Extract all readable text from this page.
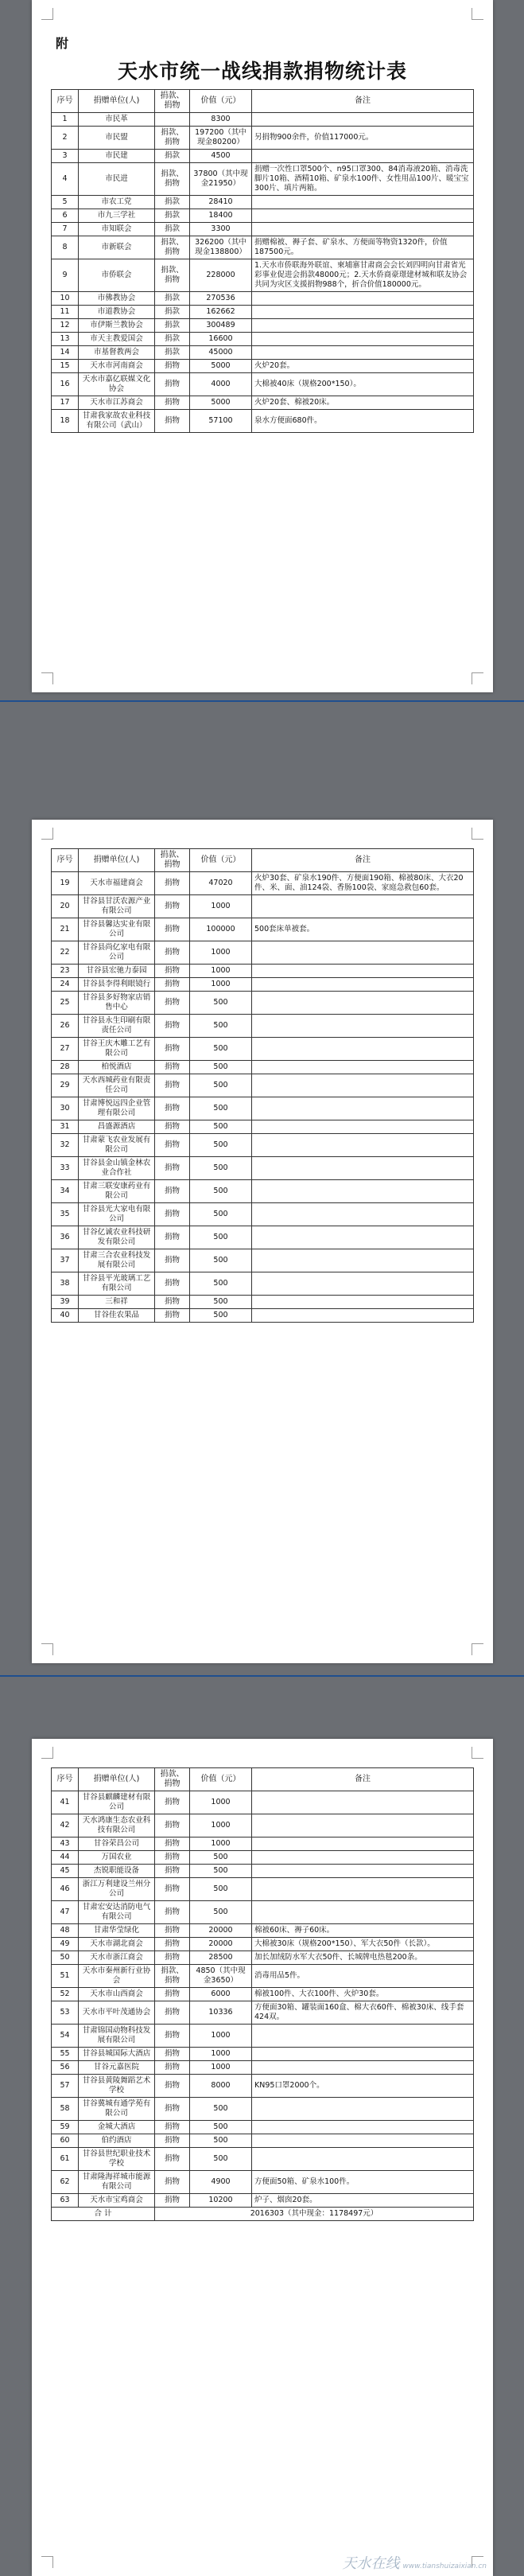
附
天水市统一战线捐款捐物统计表
序号	捐赠单位(人)	捐款、捐物	价值（元）	备注
1	市民革		8300	
2	市民盟	捐款、捐物	197200（其中现金80200）	另捐物900余件，价值117000元。
3	市民建	捐款	4500	
4	市民进	捐款、捐物	37800（其中现金21950）	捐赠一次性口罩500个、n95口罩300、84消毒液20箱、消毒洗脚片10箱、酒精10箱、矿泉水100件、女性用品100片、暖宝宝300片、填片两箱。
5	市农工党	捐款	28410	
6	市九三学社	捐款	18400	
7	市知联会	捐款	3300	
8	市新联会	捐款、捐物	326200（其中现金138800）	捐赠棉被、褥子套、矿泉水、方便面等物资1320件，价值187500元。
9	市侨联会	捐款、捐物	228000	1.天水市侨联海外联谊、柬埔寨甘肃商会会长刘四明向甘肃省光彩事业促进会捐款48000元；2.天水侨商豪璟建材城和联友协会共同为灾区支援捐物988个，折合价值180000元。
10	市佛教协会	捐款	270536	
11	市道教协会	捐款	162662	
12	市伊斯兰教协会	捐款	300489	
13	市天主教爱国会	捐款	16600	
14	市基督教两会	捐款	45000	
15	天水市河南商会	捐物	5000	火炉20套。
16	天水市嘉亿联媒文化协会	捐物	4000	大棉被40床（规格200*150）。
17	天水市江苏商会	捐物	5000	火炉20套、棉被20床。
18	甘肃我家故农业科技有限公司（武山）	捐物	57100	泉水方便面680件。
序号	捐赠单位(人)	捐款、捐物	价值（元）	备注
19	天水市福建商会	捐物	47020	火炉30套、矿泉水190件、方便面190箱、棉被80床、大衣20件、米、面、油124袋、香肠100袋、家庭急救包60套。
20	甘谷县甘沃农源产业有限公司	捐物	1000	
21	甘谷县馨达实业有限公司	捐物	100000	500套床单被套。
22	甘谷县尚亿家电有限公司	捐物	1000	
23	甘谷县宏驰力泰园	捐物	1000	
24	甘谷县李得利眼镜行	捐物	1000	
25	甘谷县多好物家店销售中心	捐物	500	
26	甘谷县永生印刷有限责任公司	捐物	500	
27	甘谷王庆木雕工艺有限公司	捐物	500	
28	柏悦酒店	捐物	500	
29	天水西城药业有限责任公司	捐物	500	
30	甘肃博悦远四企业管理有限公司	捐物	500	
31	昌盛源酒店	捐物	500	
32	甘肃蒙飞农业发展有限公司	捐物	500	
33	甘谷县金山镇金林农业合作社	捐物	500	
34	甘肃三联安康药业有限公司	捐物	500	
35	甘谷县光大家电有限公司	捐物	500	
36	甘谷亿诚农业科技研发有限公司	捐物	500	
37	甘肃三合农业科技发展有限公司	捐物	500	
38	甘谷县平光玻璃工艺有限公司	捐物	500	
39	三和祥	捐物	500	
40	甘谷佳农果品	捐物	500	
序号	捐赠单位(人)	捐款、捐物	价值（元）	备注
41	甘谷县麒麟建材有限公司	捐物	1000	
42	天水鸿康生态农业科技有限公司	捐物	1000	
43	甘谷荣昌公司	捐物	1000	
44	万国农业	捐物	500	
45	杰锐职能设备	捐物	500	
46	浙江万利建设兰州分公司	捐物	500	
47	甘肃宏安达消防电气有限公司	捐物	500	
48	甘肃华莹绿化	捐物	20000	棉被60床、褥子60床。
49	天水市湖北商会	捐物	20000	大棉被30床（规格200*150）、军大衣50件（长款）。
50	天水市浙江商会	捐物	28500	加长加绒防水军大衣50件、长城牌电热毯200条。
51	天水市秦州新行业协会	捐款、捐物	4850（其中现金3650）	消毒用品5件。
52	天水市山西商会	捐物	6000	棉被100件、大衣100件、火炉30套。
53	天水市平叶茂通协会	捐物	10336	方便面30箱、罐装面160盒、棉大衣60件、棉被30床、线手套424双。
54	甘肃锦国动物科技发展有限公司	捐物	1000	
55	甘谷县城国际大酒店	捐物	1000	
56	甘谷元嘉医院	捐物	1000	
57	甘谷县黄陵舞蹈艺术学校	捐物	8000	KN95口罩2000个。
58	甘谷冀城有通学苑有限公司	捐物	500	
59	金城大酒店	捐物	500	
60	伯约酒店	捐物	500	
61	甘谷县世纪职业技术学校	捐物	500	
62	甘肃隆海祥城市能源有限公司	捐物	4900	方便面50箱、矿泉水100件。
63	天水市宝鸡商会	捐物	10200	炉子、烟囱20套。
合 计		2016303（其中现金：1178497元）		
天水在线 www.tianshuizaixian.cn
